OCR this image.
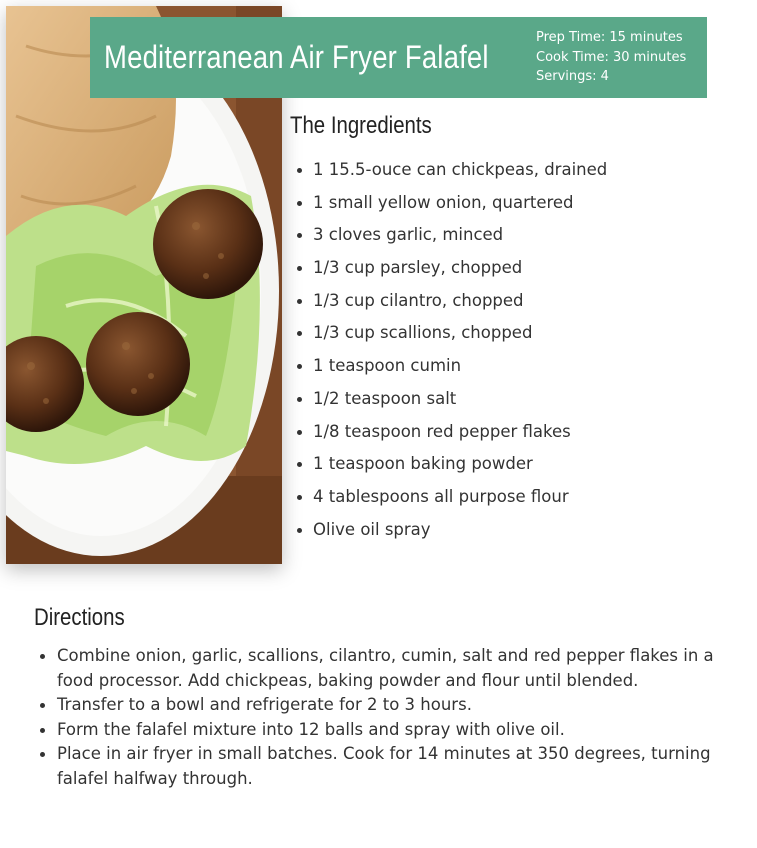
Mediterranean Air Fryer Falafel
Prep Time: 15 minutes
Cook Time: 30 minutes
Servings: 4
The Ingredients
1 15.5-ouce can chickpeas, drained
1 small yellow onion, quartered
3 cloves garlic, minced
1/3 cup parsley, chopped
1/3 cup cilantro, chopped
1/3 cup scallions, chopped
1 teaspoon cumin
1/2 teaspoon salt
1/8 teaspoon red pepper flakes
1 teaspoon baking powder
4 tablespoons all purpose flour
Olive oil spray
Directions
Combine onion, garlic, scallions, cilantro, cumin, salt and red pepper flakes in a food processor. Add chickpeas, baking powder and flour until blended.
Transfer to a bowl and refrigerate for 2 to 3 hours.
Form the falafel mixture into 12 balls and spray with olive oil.
Place in air fryer in small batches. Cook for 14 minutes at 350 degrees, turning falafel halfway through.
